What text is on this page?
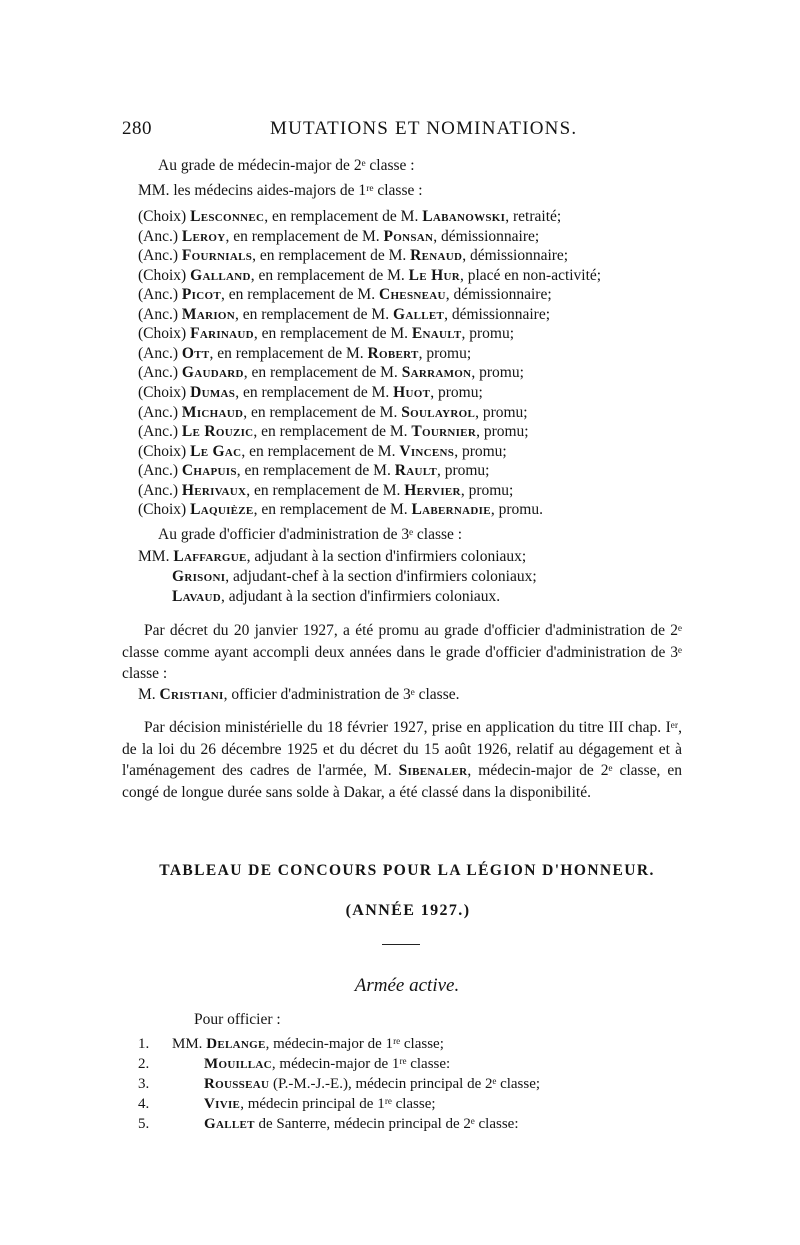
280	MUTATIONS ET NOMINATIONS.
Au grade de médecin-major de 2ᵉ classe :
MM. les médecins aides-majors de 1ʳᵉ classe :
(Choix) Lesconnec, en remplacement de M. Labanowski, retraité;
(Anc.) Leroy, en remplacement de M. Ponsan, démissionnaire;
(Anc.) Fournials, en remplacement de M. Renaud, démissionnaire;
(Choix) Galland, en remplacement de M. Le Hur, placé en non-activité;
(Anc.) Picot, en remplacement de M. Chesneau, démissionnaire;
(Anc.) Marion, en remplacement de M. Gallet, démissionnaire;
(Choix) Farinaud, en remplacement de M. Enault, promu;
(Anc.) Ott, en remplacement de M. Robert, promu;
(Anc.) Gaudard, en remplacement de M. Sarramon, promu;
(Choix) Dumas, en remplacement de M. Huot, promu;
(Anc.) Michaud, en remplacement de M. Soulayrol, promu;
(Anc.) Le Rouzic, en remplacement de M. Tournier, promu;
(Choix) Le Gac, en remplacement de M. Vincens, promu;
(Anc.) Chapuis, en remplacement de M. Rault, promu;
(Anc.) Herivaux, en remplacement de M. Hervier, promu;
(Choix) Laquièze, en remplacement de M. Labernadie, promu.
Au grade d'officier d'administration de 3ᵉ classe :
MM. Laffargue, adjudant à la section d'infirmiers coloniaux;
Grisoni, adjudant-chef à la section d'infirmiers coloniaux;
Lavaud, adjudant à la section d'infirmiers coloniaux.

Par décret du 20 janvier 1927, a été promu au grade d'officier d'administration de 2ᵉ classe comme ayant accompli deux années dans le grade d'officier d'administration de 3ᵉ classe :

M. Cristiani, officier d'administration de 3ᵉ classe.

Par décision ministérielle du 18 février 1927, prise en application du titre III chap. Iᵉʳ, de la loi du 26 décembre 1925 et du décret du 15 août 1926, relatif au dégagement et à l'aménagement des cadres de l'armée, M. Sibenaler, médecin-major de 2ᵉ classe, en congé de longue durée sans solde à Dakar, a été classé dans la disponibilité.

TABLEAU DE CONCOURS POUR LA LÉGION D'HONNEUR.
(ANNÉE 1927.)
Armée active.
Pour officier :
1.	MM. Delange, médecin-major de 1ʳᵉ classe;
2.	Mouillac, médecin-major de 1ʳᵉ classe:
3.	Rousseau (P.-M.-J.-E.), médecin principal de 2ᵉ classe;
4.	Vivie, médecin principal de 1ʳᵉ classe;
5.	Gallet de Santerre, médecin principal de 2ᵉ classe:
